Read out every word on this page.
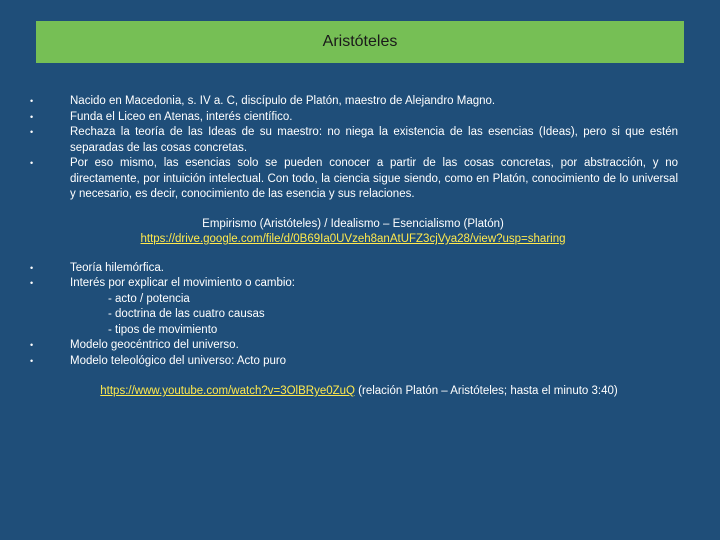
Aristóteles
• Nacido en Macedonia, s. IV a. C, discípulo de Platón, maestro de Alejandro Magno.
• Funda el Liceo en Atenas, interés científico.
• Rechaza la teoría de las Ideas de su maestro: no niega la existencia de las esencias (Ideas), pero si que estén separadas de las cosas concretas.
• Por eso mismo, las esencias solo se pueden conocer a partir de las cosas concretas, por abstracción, y no directamente, por intuición intelectual. Con todo, la ciencia sigue siendo, como en Platón, conocimiento de lo universal y necesario, es decir, conocimiento de las esencia y sus relaciones.
Empirismo (Aristóteles) / Idealismo – Esencialismo (Platón)
https://drive.google.com/file/d/0B69Ia0UVzeh8anAtUFZ3cjVya28/view?usp=sharing
• Teoría hilemórfica.
• Interés por explicar el movimiento o cambio:
- acto / potencia
- doctrina de las cuatro causas
- tipos de movimiento
• Modelo geocéntrico del universo.
• Modelo teleológico del universo: Acto puro
https://www.youtube.com/watch?v=3OlBRye0ZuQ (relación Platón – Aristóteles; hasta el minuto 3:40)
